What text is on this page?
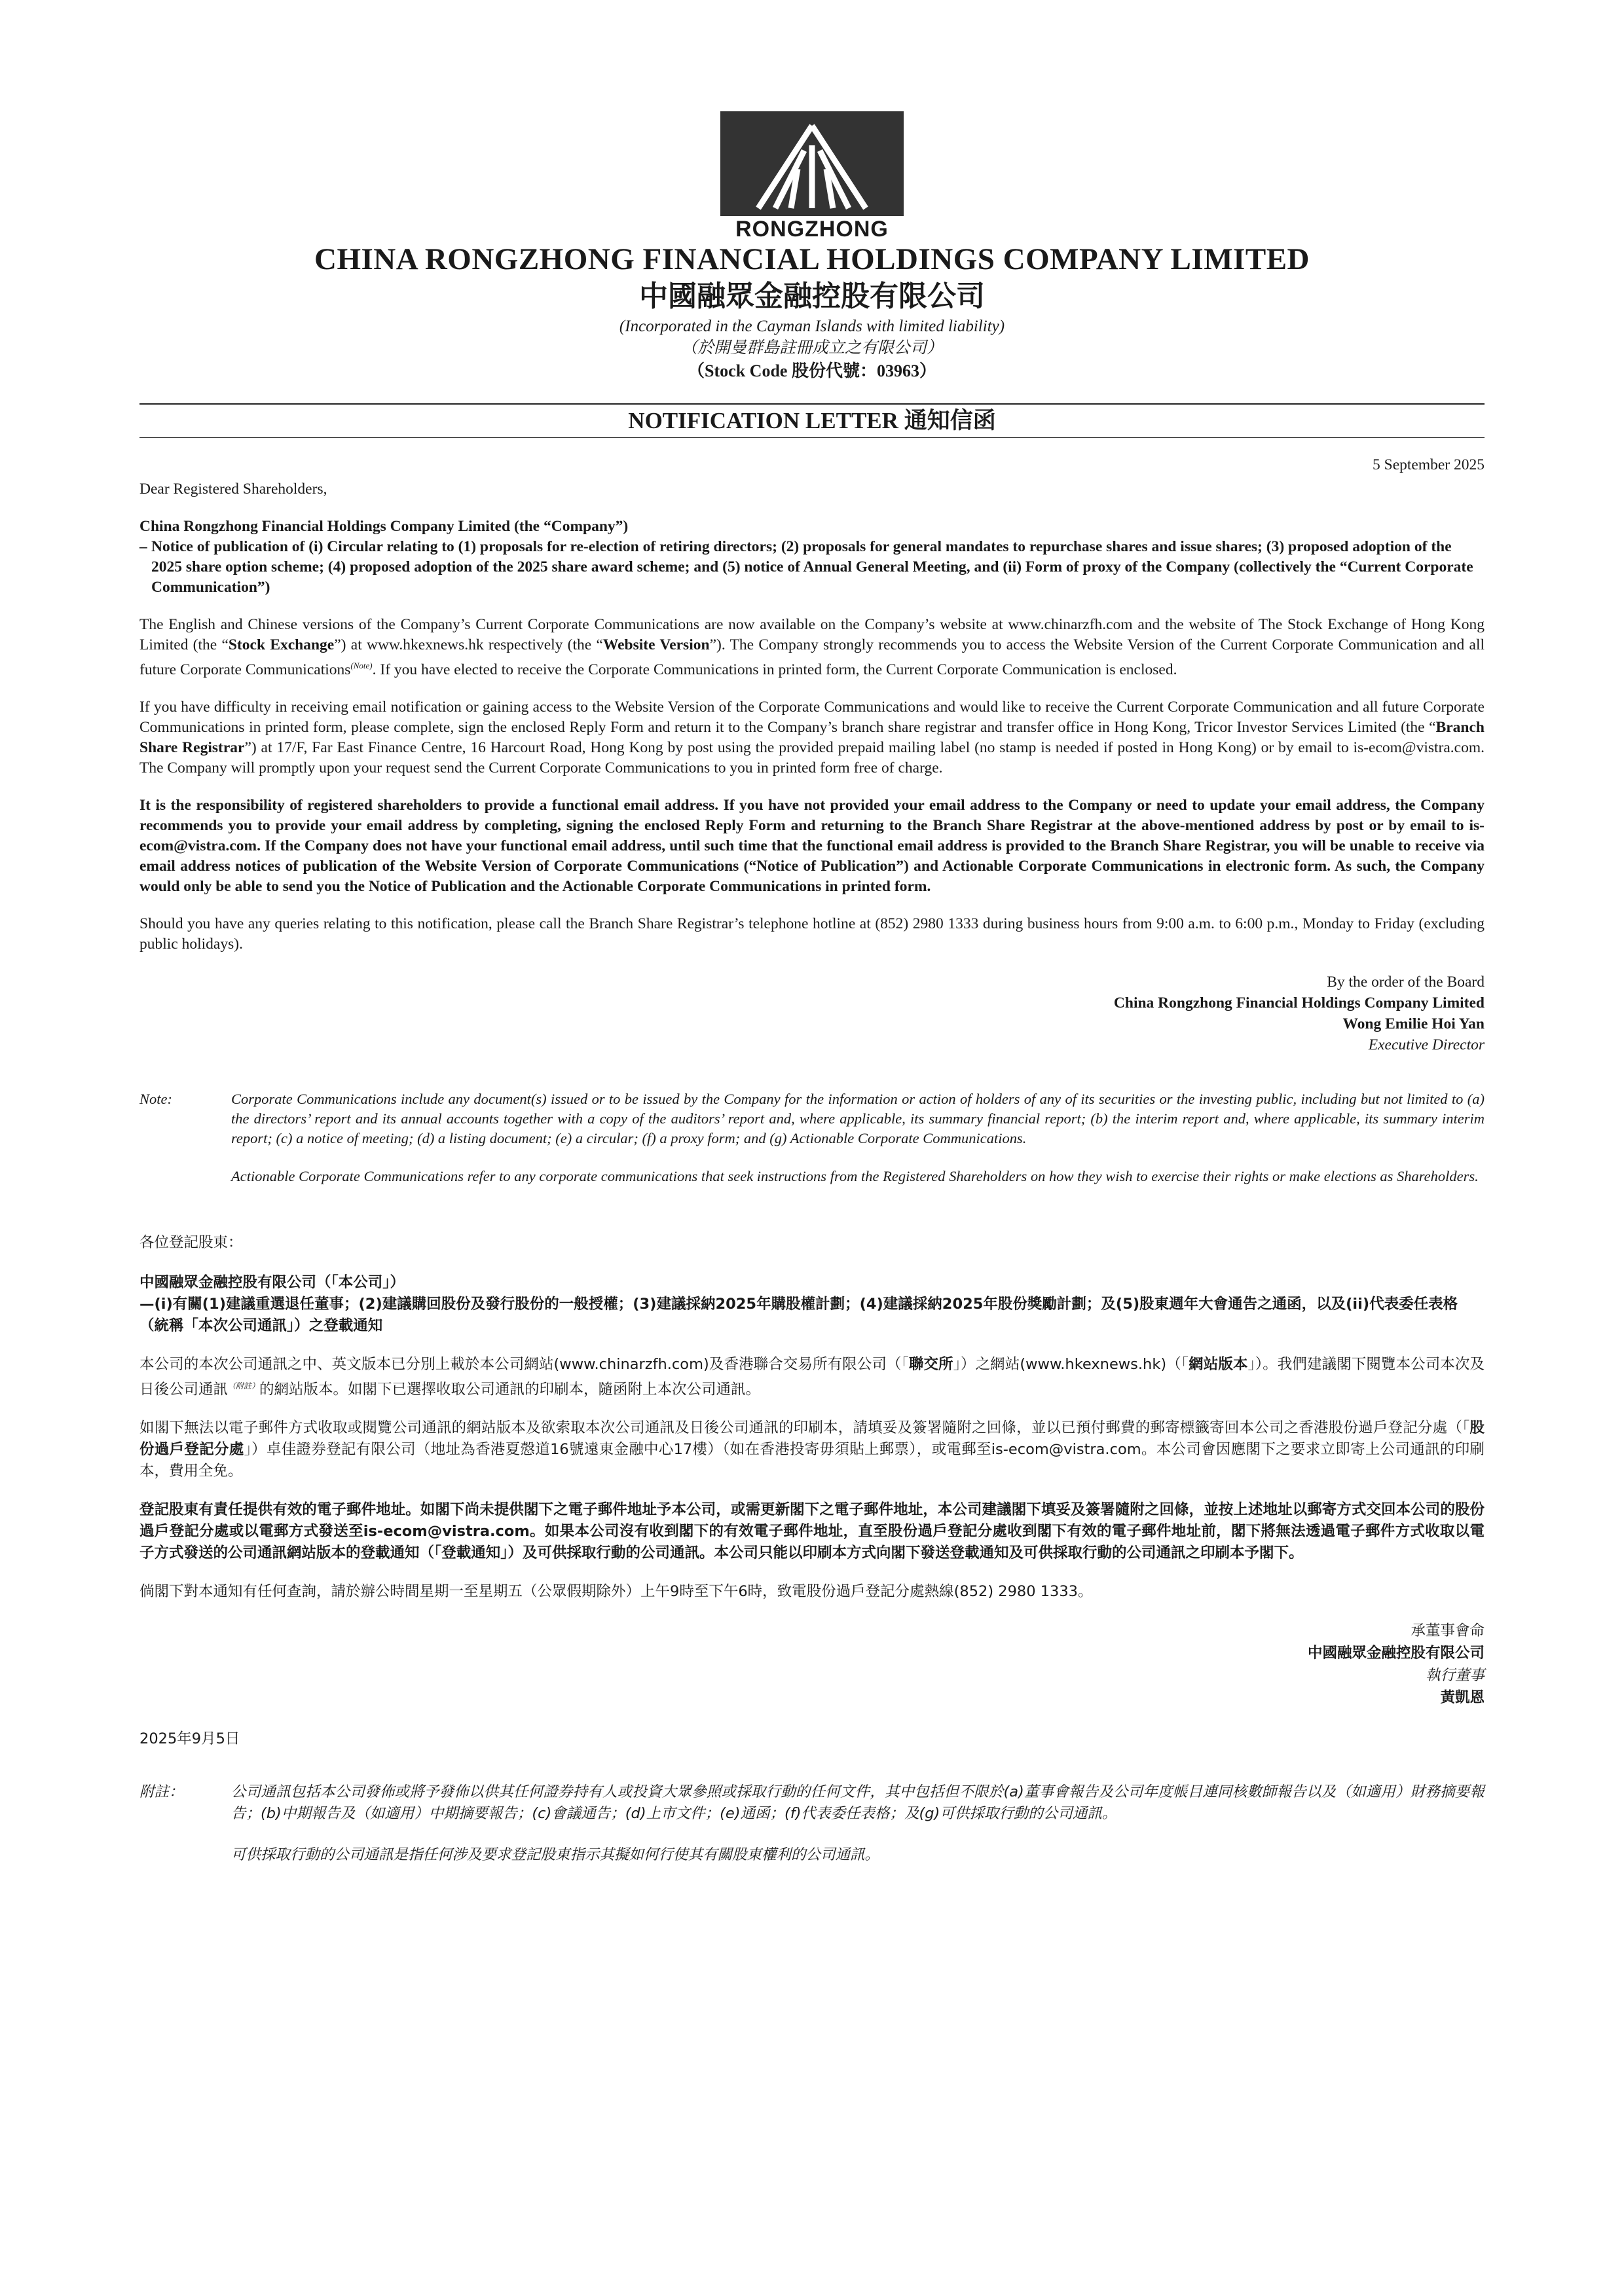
RONGZHONG
CHINA RONGZHONG FINANCIAL HOLDINGS COMPANY LIMITED
中國融眾金融控股有限公司
(Incorporated in the Cayman Islands with limited liability)
（於開曼群島註冊成立之有限公司）
（Stock Code 股份代號：03963）
NOTIFICATION LETTER 通知信函
5 September 2025
Dear Registered Shareholders,
China Rongzhong Financial Holdings Company Limited (the “Company”)
– Notice of publication of (i) Circular relating to (1) proposals for re-election of retiring directors; (2) proposals for general mandates to repurchase shares and issue shares; (3) proposed adoption of the 2025 share option scheme; (4) proposed adoption of the 2025 share award scheme; and (5) notice of Annual General Meeting, and (ii) Form of proxy of the Company (collectively the “Current Corporate Communication”)

The English and Chinese versions of the Company’s Current Corporate Communications are now available on the Company’s website at www.chinarzfh.com and the website of The Stock Exchange of Hong Kong Limited (the “Stock Exchange”) at www.hkexnews.hk respectively (the “Website Version”). The Company strongly recommends you to access the Website Version of the Current Corporate Communication and all future Corporate Communications$^{(Note)}$. If you have elected to receive the Corporate Communications in printed form, the Current Corporate Communication is enclosed.

If you have difficulty in receiving email notification or gaining access to the Website Version of the Corporate Communications and would like to receive the Current Corporate Communication and all future Corporate Communications in printed form, please complete, sign the enclosed Reply Form and return it to the Company’s branch share registrar and transfer office in Hong Kong, Tricor Investor Services Limited (the “Branch Share Registrar”) at 17/F, Far East Finance Centre, 16 Harcourt Road, Hong Kong by post using the provided prepaid mailing label (no stamp is needed if posted in Hong Kong) or by email to is-ecom@vistra.com. The Company will promptly upon your request send the Current Corporate Communications to you in printed form free of charge.

It is the responsibility of registered shareholders to provide a functional email address. If you have not provided your email address to the Company or need to update your email address, the Company recommends you to provide your email address by completing, signing the enclosed Reply Form and returning to the Branch Share Registrar at the above-mentioned address by post or by email to is-ecom@vistra.com. If the Company does not have your functional email address, until such time that the functional email address is provided to the Branch Share Registrar, you will be unable to receive via email address notices of publication of the Website Version of Corporate Communications (“Notice of Publication”) and Actionable Corporate Communications in electronic form. As such, the Company would only be able to send you the Notice of Publication and the Actionable Corporate Communications in printed form.

Should you have any queries relating to this notification, please call the Branch Share Registrar’s telephone hotline at (852) 2980 1333 during business hours from 9:00 a.m. to 6:00 p.m., Monday to Friday (excluding public holidays).

By the order of the Board
China Rongzhong Financial Holdings Company Limited
Wong Emilie Hoi Yan
Executive Director
Note:	Corporate Communications include any document(s) issued or to be issued by the Company for the information or action of holders of any of its securities or the investing public, including but not limited to (a) the directors’ report and its annual accounts together with a copy of the auditors’ report and, where applicable, its summary financial report; (b) the interim report and, where applicable, its summary interim report; (c) a notice of meeting; (d) a listing document; (e) a circular; (f) a proxy form; and (g) Actionable Corporate Communications.

Actionable Corporate Communications refer to any corporate communications that seek instructions from the Registered Shareholders on how they wish to exercise their rights or make elections as Shareholders.

各位登記股東：
中國融眾金融控股有限公司（「本公司」）
—(i)有關(1)建議重選退任董事；(2)建議購回股份及發行股份的一般授權；(3)建議採納2025年購股權計劃；(4)建議採納2025年股份獎勵計劃；及(5)股東週年大會通告之通函，以及(ii)代表委任表格（統稱「本次公司通訊」）之登載通知

本公司的本次公司通訊之中、英文版本已分別上載於本公司網站(www.chinarzfh.com)及香港聯合交易所有限公司（「聯交所」）之網站(www.hkexnews.hk)（「網站版本」）。我們建議閣下閱覽本公司本次及日後公司通訊$^{(附註)}$的網站版本。如閣下已選擇收取公司通訊的印刷本，隨函附上本次公司通訊。

如閣下無法以電子郵件方式收取或閱覽公司通訊的網站版本及欲索取本次公司通訊及日後公司通訊的印刷本，請填妥及簽署隨附之回條，並以已預付郵費的郵寄標籤寄回本公司之香港股份過戶登記分處（「股份過戶登記分處」）卓佳證券登記有限公司（地址為香港夏慤道16號遠東金融中心17樓）（如在香港投寄毋須貼上郵票），或電郵至is-ecom@vistra.com。本公司會因應閣下之要求立即寄上公司通訊的印刷本，費用全免。

登記股東有責任提供有效的電子郵件地址。如閣下尚未提供閣下之電子郵件地址予本公司，或需更新閣下之電子郵件地址，本公司建議閣下填妥及簽署隨附之回條，並按上述地址以郵寄方式交回本公司的股份過戶登記分處或以電郵方式發送至is-ecom@vistra.com。如果本公司沒有收到閣下的有效電子郵件地址，直至股份過戶登記分處收到閣下有效的電子郵件地址前，閣下將無法透過電子郵件方式收取以電子方式發送的公司通訊網站版本的登載通知（「登載通知」）及可供採取行動的公司通訊。本公司只能以印刷本方式向閣下發送登載通知及可供採取行動的公司通訊之印刷本予閣下。

倘閣下對本通知有任何查詢，請於辦公時間星期一至星期五（公眾假期除外）上午9時至下午6時，致電股份過戶登記分處熱線(852) 2980 1333。

承董事會命
中國融眾金融控股有限公司
執行董事
黃凱恩
2025年9月5日
附註：	公司通訊包括本公司發佈或將予發佈以供其任何證券持有人或投資大眾參照或採取行動的任何文件，其中包括但不限於(a)董事會報告及公司年度帳目連同核數師報告以及（如適用）財務摘要報告；(b)中期報告及（如適用）中期摘要報告；(c)會議通告；(d)上市文件；(e)通函；(f)代表委任表格；及(g)可供採取行動的公司通訊。

可供採取行動的公司通訊是指任何涉及要求登記股東指示其擬如何行使其有關股東權利的公司通訊。
